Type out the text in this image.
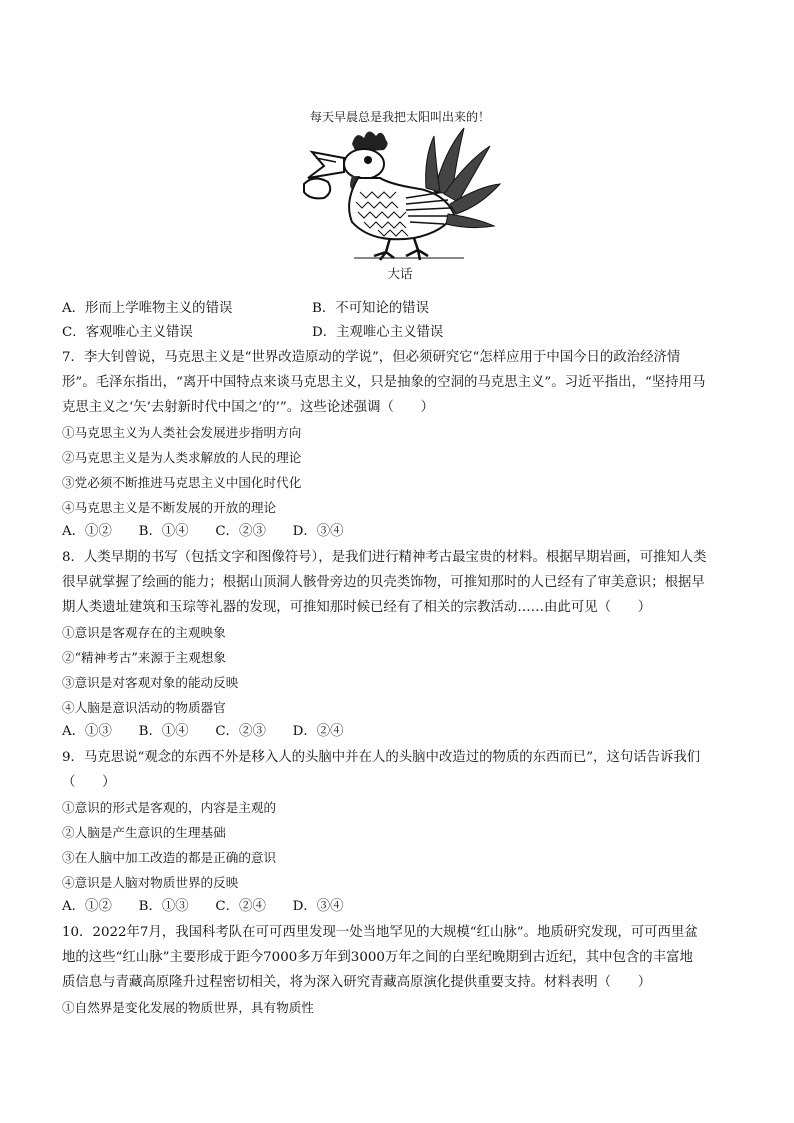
每天早晨总是我把太阳叫出来的！
大话
A．形而上学唯物主义的错误	B．不可知论的错误
C．客观唯心主义错误	D．主观唯心主义错误
7．李大钊曾说，马克思主义是“世界改造原动的学说”，但必须研究它“怎样应用于中国今日的政治经济情
形”。毛泽东指出，“离开中国特点来谈马克思主义，只是抽象的空洞的马克思主义”。习近平指出，“坚持用马
克思主义之‘矢’去射新时代中国之‘的’”。这些论述强调（　　）
①马克思主义为人类社会发展进步指明方向
②马克思主义是为人类求解放的人民的理论
③党必须不断推进马克思主义中国化时代化
④马克思主义是不断发展的开放的理论
A．①②　　B．①④　　C．②③　　D．③④
8．人类早期的书写（包括文字和图像符号），是我们进行精神考古最宝贵的材料。根据早期岩画，可推知人类
很早就掌握了绘画的能力；根据山顶洞人骸骨旁边的贝壳类饰物，可推知那时的人已经有了审美意识；根据早
期人类遗址建筑和玉琮等礼器的发现，可推知那时候已经有了相关的宗教活动……由此可见（　　）
①意识是客观存在的主观映象
②“精神考古”来源于主观想象
③意识是对客观对象的能动反映
④人脑是意识活动的物质器官
A．①③　　B．①④　　C．②③　　D．②④
9．马克思说“观念的东西不外是移入人的头脑中并在人的头脑中改造过的物质的东西而已”，这句话告诉我们
（　　）
①意识的形式是客观的，内容是主观的
②人脑是产生意识的生理基础
③在人脑中加工改造的都是正确的意识
④意识是人脑对物质世界的反映
A．①②　　B．①③　　C．②④　　D．③④
10．2022年7月，我国科考队在可可西里发现一处当地罕见的大规模“红山脉”。地质研究发现，可可西里盆
地的这些“红山脉”主要形成于距今7000多万年到3000万年之间的白垩纪晚期到古近纪，其中包含的丰富地
质信息与青藏高原隆升过程密切相关，将为深入研究青藏高原演化提供重要支持。材料表明（　　）
①自然界是变化发展的物质世界，具有物质性
